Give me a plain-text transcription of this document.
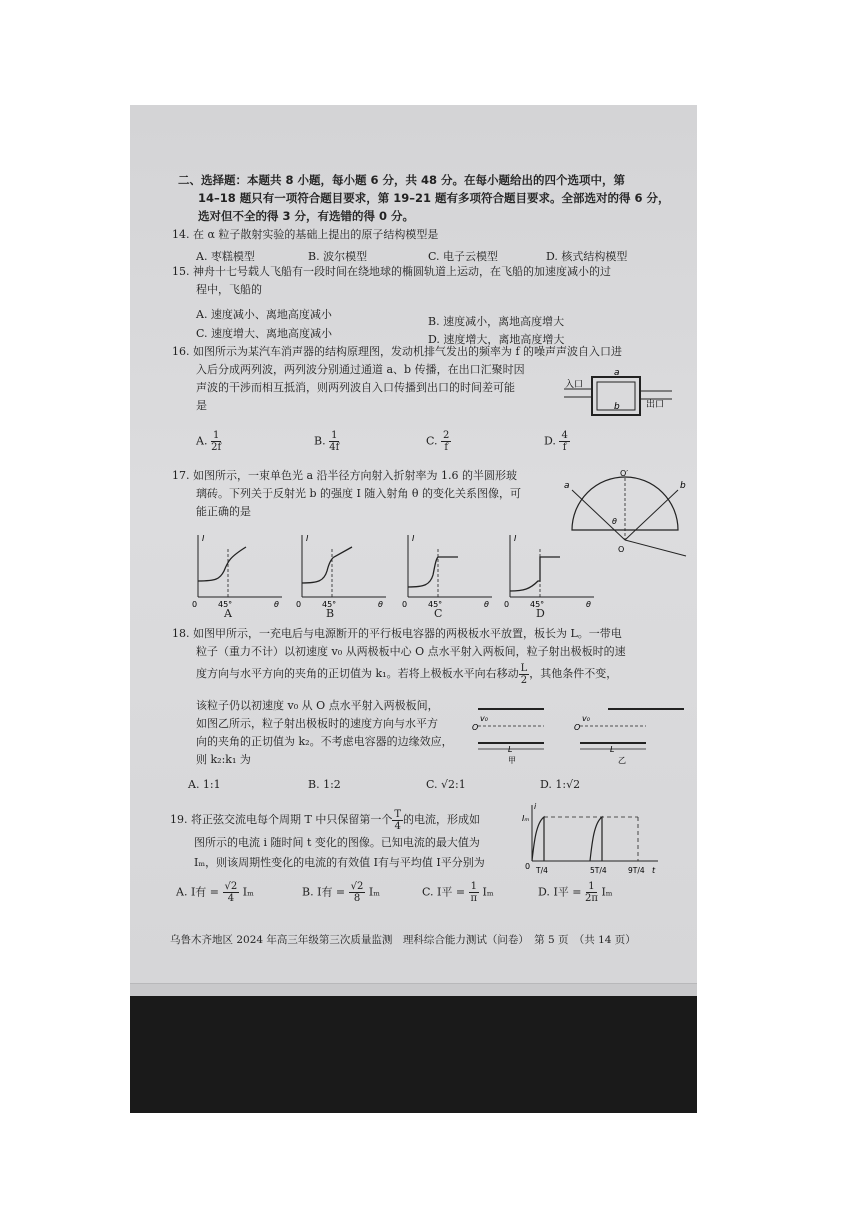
二、选择题：本题共 8 小题，每小题 6 分，共 48 分。在每小题给出的四个选项中，第
14–18 题只有一项符合题目要求，第 19–21 题有多项符合题目要求。全部选对的得 6 分，
选对但不全的得 3 分，有选错的得 0 分。
14. 在 α 粒子散射实验的基础上提出的原子结构模型是
A. 枣糕模型	B. 波尔模型	C. 电子云模型	D. 核式结构模型
15. 神舟十七号载人飞船有一段时间在绕地球的椭圆轨道上运动，在飞船的加速度减小的过
程中，飞船的
A. 速度减小、离地高度减小
B. 速度减小，离地高度增大
C. 速度增大、离地高度减小	D. 速度增大，离地高度增大
16. 如图所示为某汽车消声器的结构原理图，发动机排气发出的频率为 f 的噪声声波自入口进
入后分成两列波，两列波分别通过通道 a、b 传播，在出口汇聚时因
声波的干涉而相互抵消，则两列波自入口传播到出口的时间差可能
是
入口
出口
a
b
A. $\frac{1}{2f}$	B. $\frac{1}{4f}$	C. $\frac{2}{f}$	D. $\frac{4}{f}$
17. 如图所示，一束单色光 a 沿半径方向射入折射率为 1.6 的半圆形玻
璃砖。下列关于反射光 b 的强度 I 随入射角 θ 的变化关系图像，可
能正确的是
a	b
O′
O
θ
I
θ
0	45°
A
I
θ
0	45°
B
I
θ
0	45°
C
I
θ
0	45°
D
18. 如图甲所示，一充电后与电源断开的平行板电容器的两极板水平放置，板长为 L。一带电
粒子（重力不计）以初速度 v₀ 从两极板中心 O 点水平射入两板间，粒子射出极板时的速
度方向与水平方向的夹角的正切值为 k₁。若将上极板水平向右移动 $\frac{L}{2}$ ，其他条件不变，
该粒子仍以初速度 v₀ 从 O 点水平射入两极板间，
如图乙所示，粒子射出极板时的速度方向与水平方
向的夹角的正切值为 k₂。不考虑电容器的边缘效应，
则 k₂:k₁ 为
v₀
O
L
甲
v₀
O
L
乙
A. 1:1	B. 1:2	C. √2:1	D. 1:√2
19. 将正弦交流电每个周期 T 中只保留第一个 $\frac{T}{4}$ 的电流，形成如
图所示的电流 i 随时间 t 变化的图像。已知电流的最大值为
Iₘ，则该周期性变化的电流的有效值 I有与平均值 I平分别为
Iₘ
i
t
0 T/4	5T/4	9T/4
A. I有 = $\frac{√2}{4}$ Iₘ	B. I有 = $\frac{√2}{8}$ Iₘ	C. I平 = $\frac{1}{\pi}$ Iₘ	D. I平 = $\frac{1}{2\pi}$ Iₘ
乌鲁木齐地区 2024 年高三年级第三次质量监测　理科综合能力测试（问卷）　第 5 页　（共 14 页）
